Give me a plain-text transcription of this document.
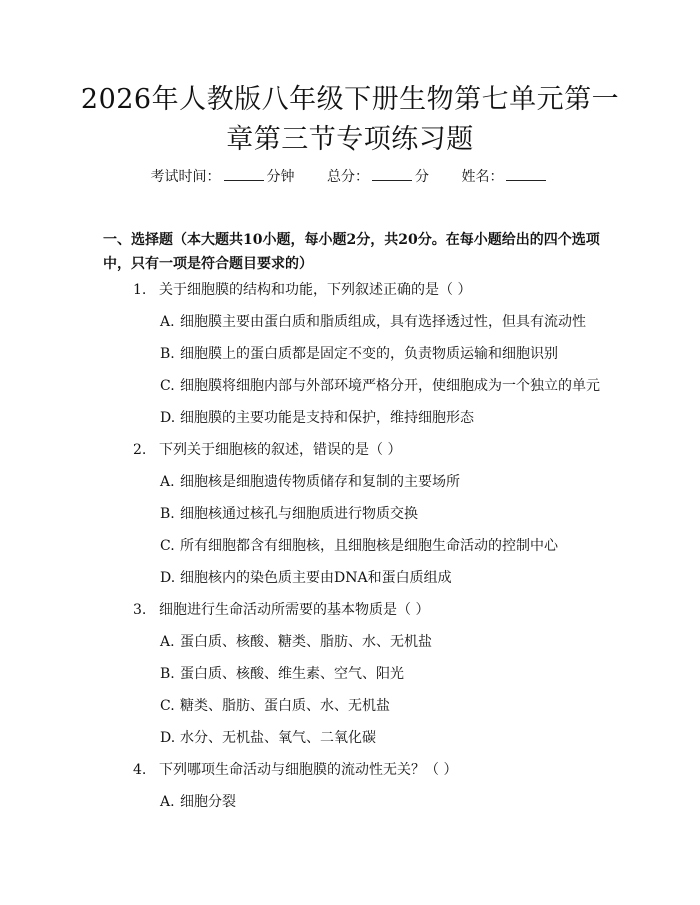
2026年人教版八年级下册生物第七单元第一
章第三节专项练习题
考试时间：	分钟 总分：	分 姓名：

一、选择题（本大题共10小题，每小题2分，共20分。在每小题给出的四个选项中，只有一项是符合题目要求的）

1. 关于细胞膜的结构和功能，下列叙述正确的是（ ）
A. 细胞膜主要由蛋白质和脂质组成，具有选择透过性，但具有流动性
B. 细胞膜上的蛋白质都是固定不变的，负责物质运输和细胞识别
C. 细胞膜将细胞内部与外部环境严格分开，使细胞成为一个独立的单元
D. 细胞膜的主要功能是支持和保护，维持细胞形态
2. 下列关于细胞核的叙述，错误的是（ ）
A. 细胞核是细胞遗传物质储存和复制的主要场所
B. 细胞核通过核孔与细胞质进行物质交换
C. 所有细胞都含有细胞核，且细胞核是细胞生命活动的控制中心
D. 细胞核内的染色质主要由DNA和蛋白质组成
3. 细胞进行生命活动所需要的基本物质是（ ）
A. 蛋白质、核酸、糖类、脂肪、水、无机盐
B. 蛋白质、核酸、维生素、空气、阳光
C. 糖类、脂肪、蛋白质、水、无机盐
D. 水分、无机盐、氧气、二氧化碳
4. 下列哪项生命活动与细胞膜的流动性无关？（ ）
A. 细胞分裂
